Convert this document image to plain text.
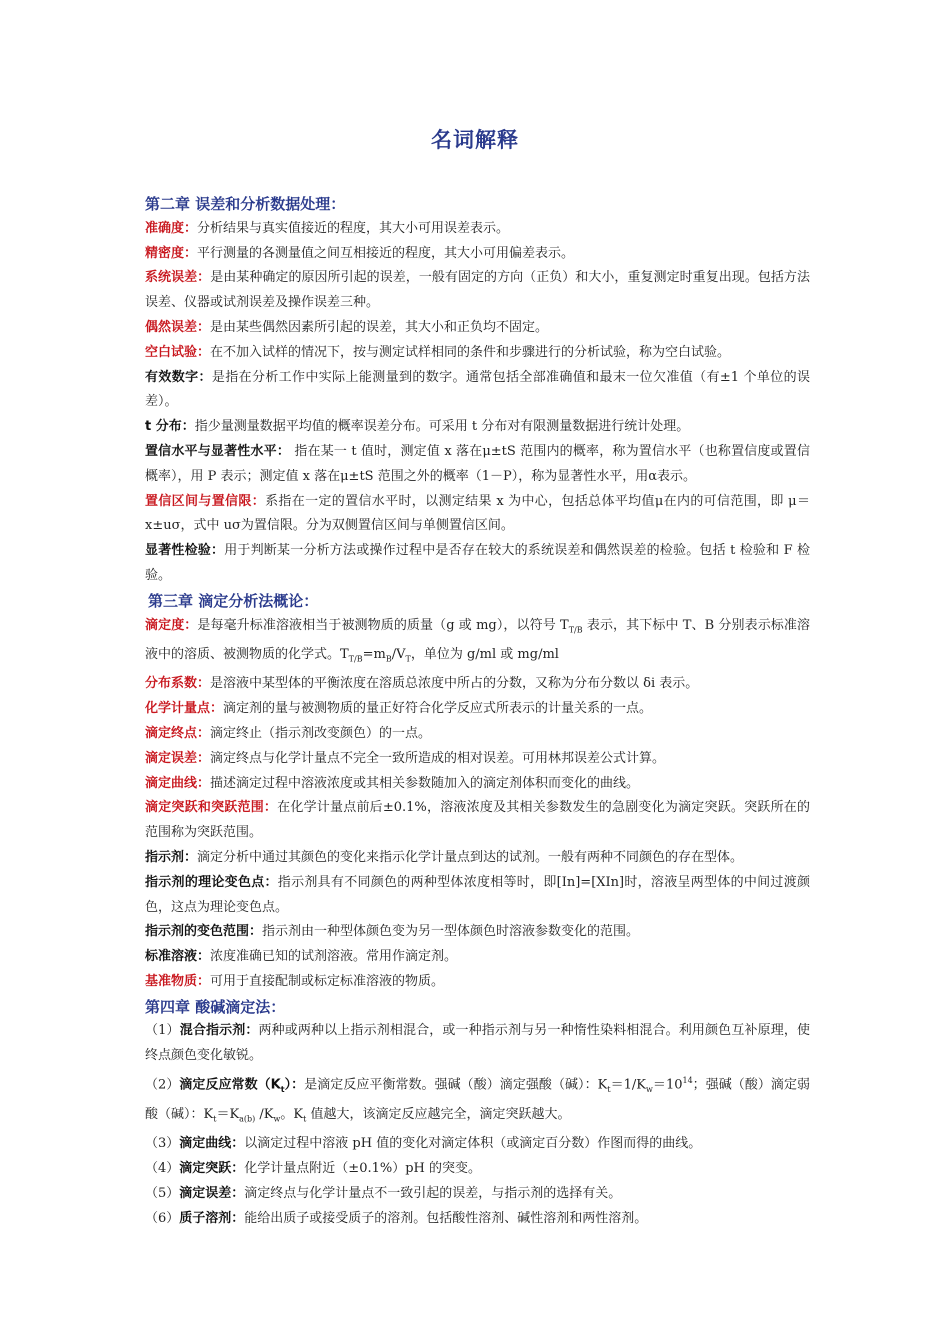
名词解释
第二章 误差和分析数据处理：

准确度：分析结果与真实值接近的程度，其大小可用误差表示。

精密度：平行测量的各测量值之间互相接近的程度，其大小可用偏差表示。

系统误差：是由某种确定的原因所引起的误差，一般有固定的方向（正负）和大小，重复测定时重复出现。包括方法误差、仪器或试剂误差及操作误差三种。

偶然误差：是由某些偶然因素所引起的误差，其大小和正负均不固定。

空白试验：在不加入试样的情况下，按与测定试样相同的条件和步骤进行的分析试验，称为空白试验。

有效数字：是指在分析工作中实际上能测量到的数字。通常包括全部准确值和最末一位欠准值（有±1 个单位的误差）。

t 分布：指少量测量数据平均值的概率误差分布。可采用 t 分布对有限测量数据进行统计处理。

置信水平与显著性水平： 指在某一 t 值时，测定值 x 落在μ±tS 范围内的概率，称为置信水平（也称置信度或置信概率），用 P 表示；测定值 x 落在μ±tS 范围之外的概率（1－P），称为显著性水平，用α表示。

置信区间与置信限：系指在一定的置信水平时，以测定结果 x 为中心，包括总体平均值μ在内的可信范围，即 μ＝x±uσ，式中 uσ为置信限。分为双侧置信区间与单侧置信区间。

显著性检验：用于判断某一分析方法或操作过程中是否存在较大的系统误差和偶然误差的检验。包括 t 检验和 F 检验。

第三章 滴定分析法概论：

滴定度：是每毫升标准溶液相当于被测物质的质量（g 或 mg），以符号 $T_{T/B}$ 表示，其下标中 T、B 分别表示标准溶液中的溶质、被测物质的化学式。$T_{T/B}=m_B/V_T$，单位为 g/ml 或 mg/ml

分布系数：是溶液中某型体的平衡浓度在溶质总浓度中所占的分数，又称为分布分数以 δi 表示。

化学计量点：滴定剂的量与被测物质的量正好符合化学反应式所表示的计量关系的一点。

滴定终点：滴定终止（指示剂改变颜色）的一点。

滴定误差：滴定终点与化学计量点不完全一致所造成的相对误差。可用林邦误差公式计算。

滴定曲线：描述滴定过程中溶液浓度或其相关参数随加入的滴定剂体积而变化的曲线。

滴定突跃和突跃范围：在化学计量点前后±0.1%，溶液浓度及其相关参数发生的急剧变化为滴定突跃。突跃所在的范围称为突跃范围。

指示剂：滴定分析中通过其颜色的变化来指示化学计量点到达的试剂。一般有两种不同颜色的存在型体。

指示剂的理论变色点：指示剂具有不同颜色的两种型体浓度相等时，即[In]=[XIn]时，溶液呈两型体的中间过渡颜色，这点为理论变色点。

指示剂的变色范围：指示剂由一种型体颜色变为另一型体颜色时溶液参数变化的范围。

标准溶液：浓度准确已知的试剂溶液。常用作滴定剂。

基准物质：可用于直接配制或标定标准溶液的物质。

第四章 酸碱滴定法：

（1）混合指示剂：两种或两种以上指示剂相混合，或一种指示剂与另一种惰性染料相混合。利用颜色互补原理，使终点颜色变化敏锐。

（2）滴定反应常数$(K_t)$：是滴定反应平衡常数。强碱（酸）滴定强酸（碱）：$K_t=1/K_w=10^{14}$；强碱（酸）滴定弱酸（碱）：$K_t=K_{a(b)}$ $/K_w$。$K_t$ 值越大，该滴定反应越完全，滴定突跃越大。

（3）滴定曲线：以滴定过程中溶液 pH 值的变化对滴定体积（或滴定百分数）作图而得的曲线。

（4）滴定突跃：化学计量点附近（±0.1%）pH 的突变。

（5）滴定误差：滴定终点与化学计量点不一致引起的误差，与指示剂的选择有关。

（6）质子溶剂：能给出质子或接受质子的溶剂。包括酸性溶剂、碱性溶剂和两性溶剂。
